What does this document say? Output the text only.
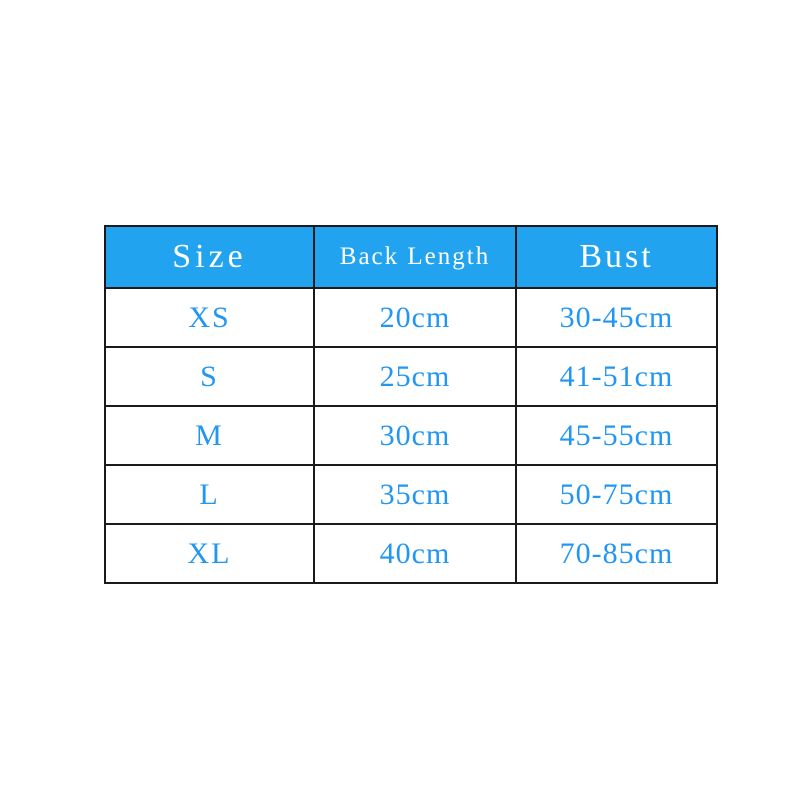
Size	Back Length	Bust
XS	20cm	30-45cm
S	25cm	41-51cm
M	30cm	45-55cm
L	35cm	50-75cm
XL	40cm	70-85cm
